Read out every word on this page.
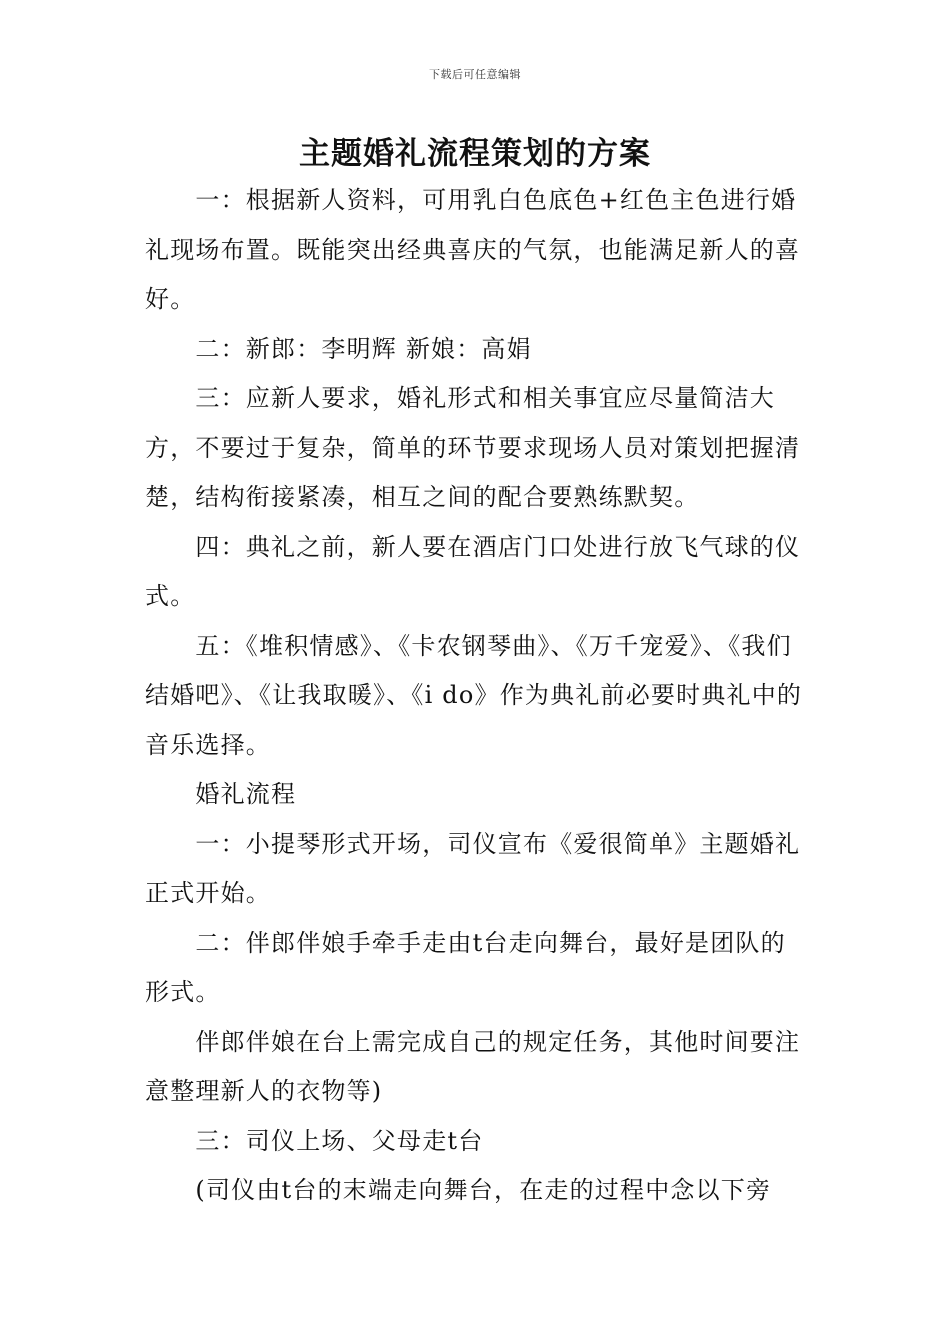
下载后可任意编辑
主题婚礼流程策划的方案

一：根据新人资料，可用乳白色底色+红色主色进行婚礼现场布置。既能突出经典喜庆的气氛，也能满足新人的喜好。

二：新郎：李明辉 新娘：高娟

三：应新人要求，婚礼形式和相关事宜应尽量简洁大方，不要过于复杂，简单的环节要求现场人员对策划把握清楚，结构衔接紧凑，相互之间的配合要熟练默契。

四：典礼之前，新人要在酒店门口处进行放飞气球的仪式。

五：《堆积情感》、《卡农钢琴曲》、《万千宠爱》、《我们结婚吧》、《让我取暖》、《i do》作为典礼前必要时典礼中的音乐选择。

婚礼流程

一：小提琴形式开场，司仪宣布《爱很简单》主题婚礼正式开始。

二：伴郎伴娘手牵手走由t台走向舞台，最好是团队的形式。

伴郎伴娘在台上需完成自己的规定任务，其他时间要注意整理新人的衣物等)

三：司仪上场、父母走t台

(司仪由t台的末端走向舞台，在走的过程中念以下旁
